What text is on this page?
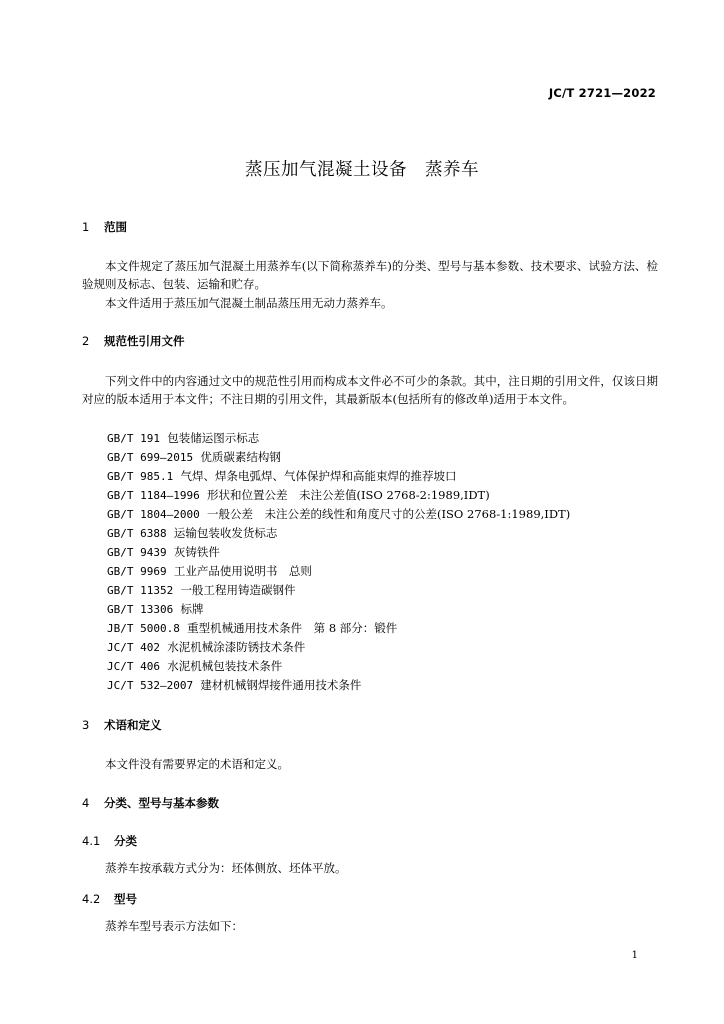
JC/T 2721—2022
蒸压加气混凝土设备　蒸养车
1 范围
本文件规定了蒸压加气混凝土用蒸养车(以下简称蒸养车)的分类、型号与基本参数、技术要求、试验方法、检验规则及标志、包装、运输和贮存。
本文件适用于蒸压加气混凝土制品蒸压用无动力蒸养车。
2 规范性引用文件
下列文件中的内容通过文中的规范性引用而构成本文件必不可少的条款。其中，注日期的引用文件，仅该日期对应的版本适用于本文件；不注日期的引用文件，其最新版本(包括所有的修改单)适用于本文件。
GB/T 191 包装储运图示标志
GB/T 699—2015 优质碳素结构钢
GB/T 985.1 气焊、焊条电弧焊、气体保护焊和高能束焊的推荐坡口
GB/T 1184—1996 形状和位置公差　未注公差值(ISO 2768-2:1989,IDT)
GB/T 1804—2000 一般公差　未注公差的线性和角度尺寸的公差(ISO 2768-1:1989,IDT)
GB/T 6388 运输包装收发货标志
GB/T 9439 灰铸铁件
GB/T 9969 工业产品使用说明书　总则
GB/T 11352 一般工程用铸造碳钢件
GB/T 13306 标牌
JB/T 5000.8 重型机械通用技术条件　第 8 部分：锻件
JC/T 402 水泥机械涂漆防锈技术条件
JC/T 406 水泥机械包装技术条件
JC/T 532—2007 建材机械钢焊接件通用技术条件
3 术语和定义
本文件没有需要界定的术语和定义。
4 分类、型号与基本参数
4.1 分类
蒸养车按承载方式分为：坯体侧放、坯体平放。
4.2 型号
蒸养车型号表示方法如下：
1
